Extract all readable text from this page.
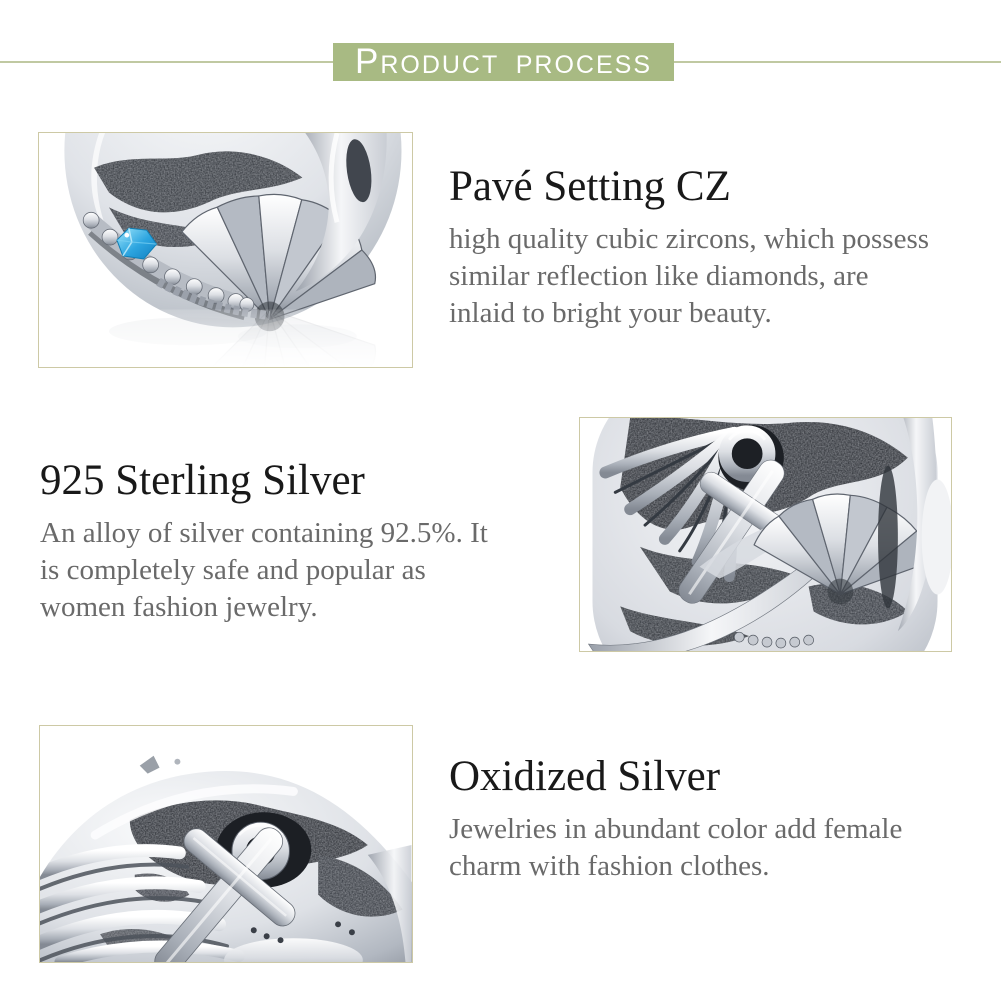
PRODUCT PROCESS
Pavé Setting CZ
high quality cubic zircons, which possess
similar reflection like diamonds, are
inlaid to bright your beauty.
925 Sterling Silver
An alloy of silver containing 92.5%. It
is completely safe and popular as
women fashion jewelry.
Oxidized Silver
Jewelries in abundant color add female
charm with fashion clothes.
